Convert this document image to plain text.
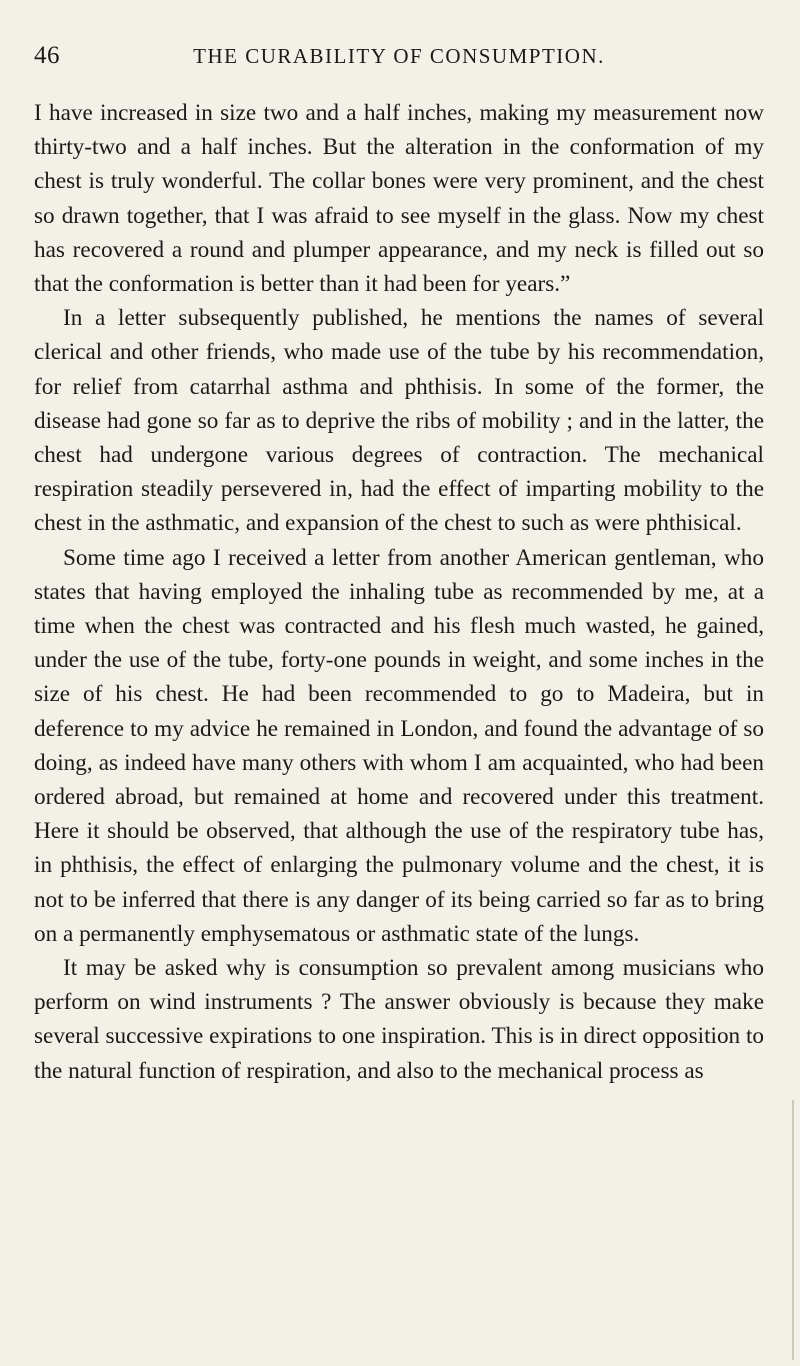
46	THE CURABILITY OF CONSUMPTION.

I have increased in size two and a half inches, making my measurement now thirty-two and a half inches. But the alteration in the conformation of my chest is truly wonderful. The collar bones were very prominent, and the chest so drawn together, that I was afraid to see myself in the glass. Now my chest has recovered a round and plumper appearance, and my neck is filled out so that the conformation is better than it had been for years.”

In a letter subsequently published, he mentions the names of several clerical and other friends, who made use of the tube by his recommendation, for relief from catarrhal asthma and phthisis. In some of the former, the disease had gone so far as to deprive the ribs of mobility ; and in the latter, the chest had undergone various degrees of contraction. The mechanical respiration steadily persevered in, had the effect of imparting mobility to the chest in the asthmatic, and expansion of the chest to such as were phthisical.

Some time ago I received a letter from another American gentleman, who states that having employed the inhaling tube as recommended by me, at a time when the chest was contracted and his flesh much wasted, he gained, under the use of the tube, forty-one pounds in weight, and some inches in the size of his chest. He had been recommended to go to Madeira, but in deference to my advice he remained in London, and found the advantage of so doing, as indeed have many others with whom I am acquainted, who had been ordered abroad, but remained at home and recovered under this treatment. Here it should be observed, that although the use of the respiratory tube has, in phthisis, the effect of enlarging the pulmonary volume and the chest, it is not to be inferred that there is any danger of its being carried so far as to bring on a permanently emphysematous or asthmatic state of the lungs.

It may be asked why is consumption so prevalent among musicians who perform on wind instruments ? The answer obviously is because they make several successive expirations to one inspiration. This is in direct opposition to the natural function of respiration, and also to the mechanical process as
